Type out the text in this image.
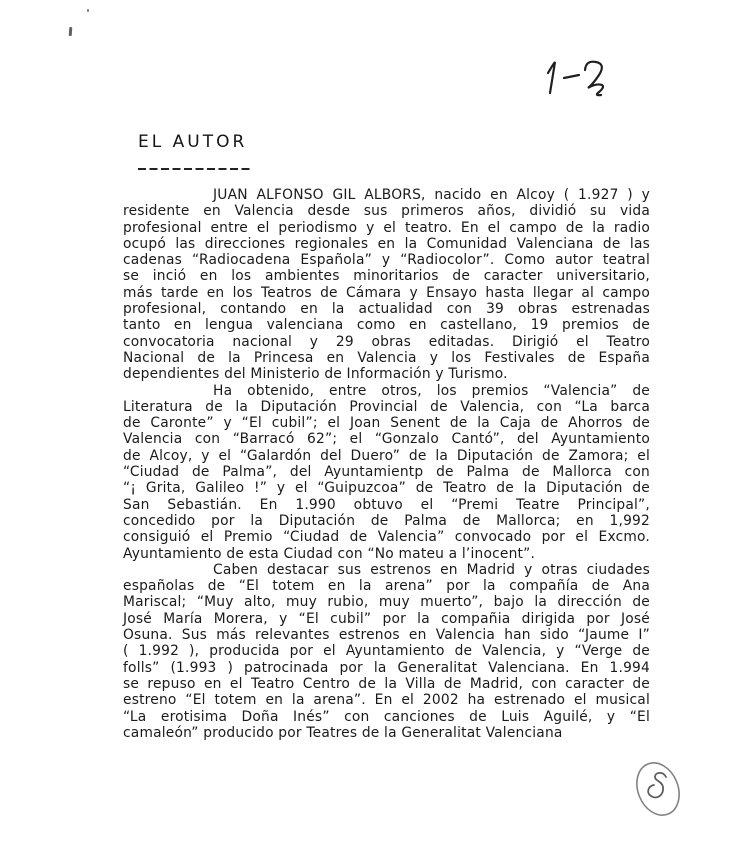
EL AUTOR
JUAN ALFONSO GIL ALBORS, nacido en Alcoy ( 1.927 ) y
residente en Valencia desde sus primeros años, dividió su vida
profesional entre el periodismo y el teatro. En el campo de la radio
ocupó las direcciones regionales en la Comunidad Valenciana de las
cadenas “Radiocadena Española” y “Radiocolor”. Como autor teatral
se inció en los ambientes minoritarios de caracter universitario,
más tarde en los Teatros de Cámara y Ensayo hasta llegar al campo
profesional, contando en la actualidad con 39 obras estrenadas
tanto en lengua valenciana como en castellano, 19 premios de
convocatoria nacional y 29 obras editadas. Dirigió el Teatro
Nacional de la Princesa en Valencia y los Festivales de España
dependientes del Ministerio de Información y Turismo.
Ha obtenido, entre otros, los premios “Valencia” de
Literatura de la Diputación Provincial de Valencia, con “La barca
de Caronte” y “El cubil”; el Joan Senent de la Caja de Ahorros de
Valencia con “Barracó 62”; el “Gonzalo Cantó”, del Ayuntamiento
de Alcoy, y el “Galardón del Duero” de la Diputación de Zamora; el
“Ciudad de Palma”, del Ayuntamientp de Palma de Mallorca con
“¡ Grita, Galileo !” y el “Guipuzcoa” de Teatro de la Diputación de
San Sebastián. En 1.990 obtuvo el “Premi Teatre Principal”,
concedido por la Diputación de Palma de Mallorca; en 1,992
consiguió el Premio “Ciudad de Valencia” convocado por el Excmo.
Ayuntamiento de esta Ciudad con “No mateu a l’inocent”.
Caben destacar sus estrenos en Madrid y otras ciudades
españolas de “El totem en la arena” por la compañía de Ana
Mariscal; “Muy alto, muy rubio, muy muerto”, bajo la dirección de
José María Morera, y “El cubil” por la compañia dirigida por José
Osuna. Sus más relevantes estrenos en Valencia han sido “Jaume I”
( 1.992 ), producida por el Ayuntamiento de Valencia, y “Verge de
folls” (1.993 ) patrocinada por la Generalitat Valenciana. En 1.994
se repuso en el Teatro Centro de la Villa de Madrid, con caracter de
estreno “El totem en la arena”. En el 2002 ha estrenado el musical
“La erotisima Doña Inés” con canciones de Luis Aguilé, y “El
camaleón” producido por Teatres de la Generalitat Valenciana
